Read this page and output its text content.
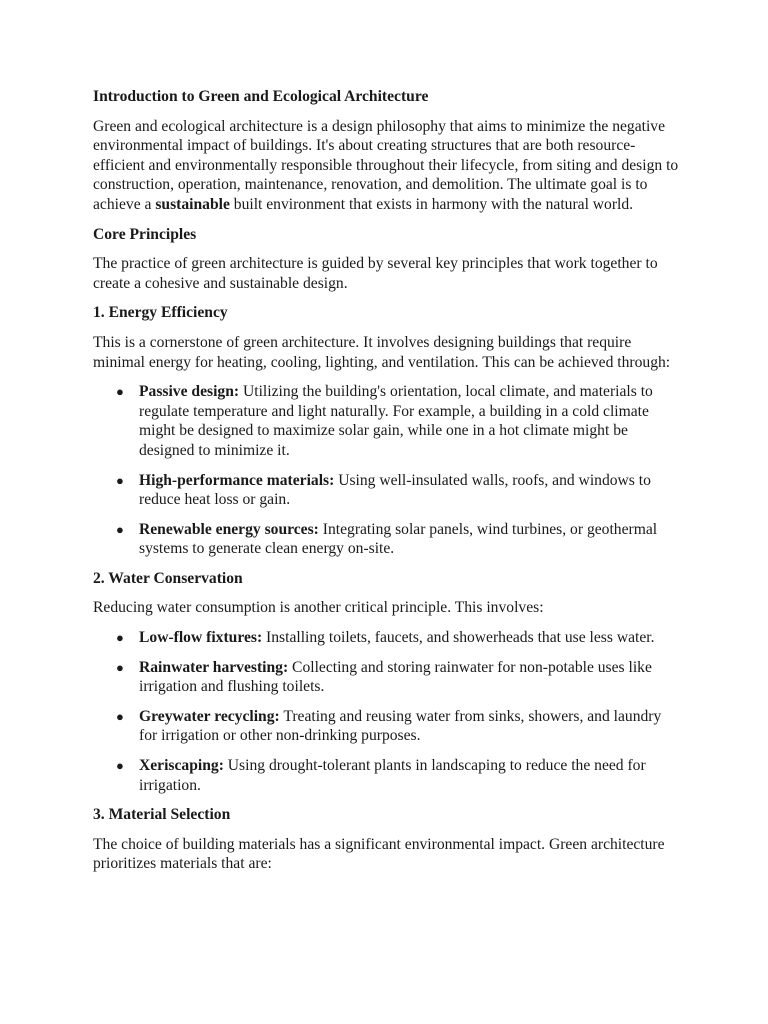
Introduction to Green and Ecological Architecture

Green and ecological architecture is a design philosophy that aims to minimize the negative environmental impact of buildings. It's about creating structures that are both resource-efficient and environmentally responsible throughout their lifecycle, from siting and design to construction, operation, maintenance, renovation, and demolition. The ultimate goal is to achieve a sustainable built environment that exists in harmony with the natural world.

Core Principles

The practice of green architecture is guided by several key principles that work together to create a cohesive and sustainable design.

1. Energy Efficiency

This is a cornerstone of green architecture. It involves designing buildings that require minimal energy for heating, cooling, lighting, and ventilation. This can be achieved through:

● Passive design: Utilizing the building's orientation, local climate, and materials to regulate temperature and light naturally. For example, a building in a cold climate might be designed to maximize solar gain, while one in a hot climate might be designed to minimize it.
● High-performance materials: Using well-insulated walls, roofs, and windows to reduce heat loss or gain.
● Renewable energy sources: Integrating solar panels, wind turbines, or geothermal systems to generate clean energy on-site.

2. Water Conservation

Reducing water consumption is another critical principle. This involves:

● Low-flow fixtures: Installing toilets, faucets, and showerheads that use less water.
● Rainwater harvesting: Collecting and storing rainwater for non-potable uses like irrigation and flushing toilets.
● Greywater recycling: Treating and reusing water from sinks, showers, and laundry for irrigation or other non-drinking purposes.
● Xeriscaping: Using drought-tolerant plants in landscaping to reduce the need for irrigation.

3. Material Selection

The choice of building materials has a significant environmental impact. Green architecture prioritizes materials that are:
